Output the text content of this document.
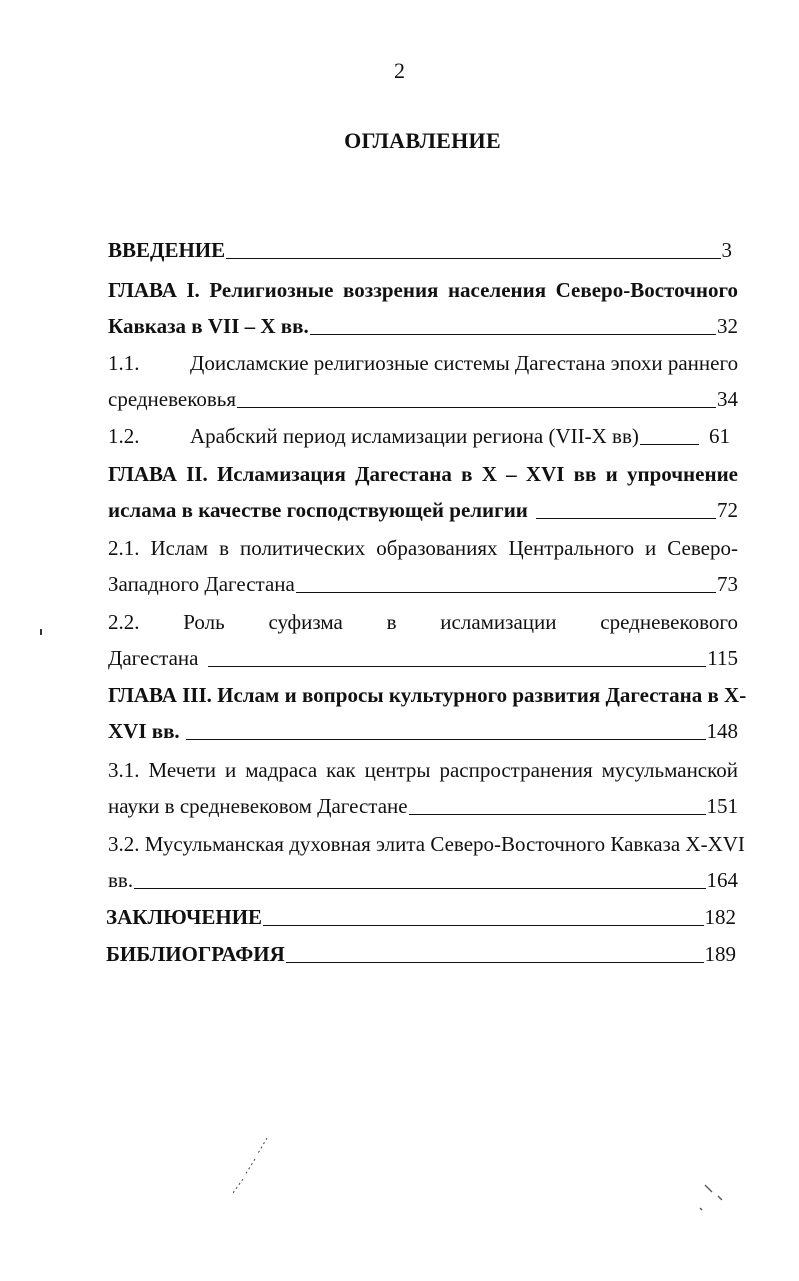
2
ОГЛАВЛЕНИЕ
ВВЕДЕНИЕ	3
ГЛАВА I. Религиозные воззрения населения Северо-Восточного
Кавказа в VII – X вв.	32
1.1.	Доисламские религиозные системы Дагестана эпохи раннего
средневековья	34
1.2.	Арабский период исламизации региона (VII-X вв)	61
ГЛАВА II. Исламизация Дагестана в X – XVI вв и упрочнение
ислама в качестве господствующей религии	72
2.1. Ислам в политических образованиях Центрального и Северо-
Западного Дагестана	73
2.2. Роль суфизма в исламизации средневекового
Дагестана	115
ГЛАВА III. Ислам и вопросы культурного развития Дагестана в X-
XVI вв.	148
3.1. Мечети и мадраса как центры распространения мусульманской
науки в средневековом Дагестане	151
3.2. Мусульманская духовная элита Северо-Восточного Кавказа X-XVI
вв.	164
ЗАКЛЮЧЕНИЕ	182
БИБЛИОГРАФИЯ	189
